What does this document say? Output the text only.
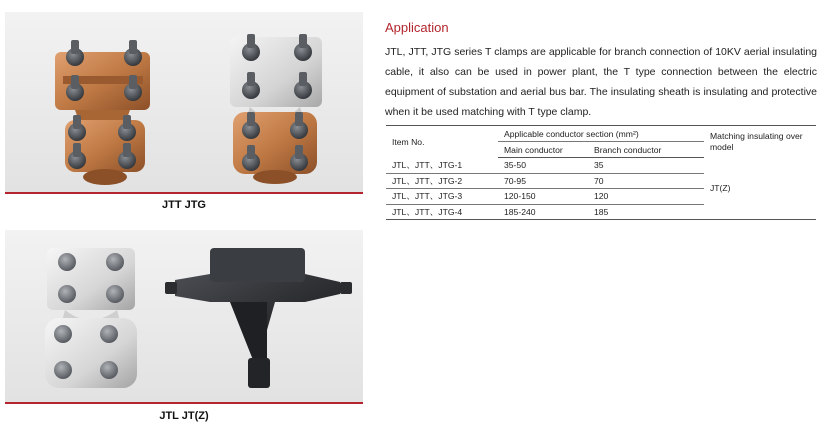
JTT JTG
JTL JT(Z)
Application

JTL, JTT, JTG series T clamps are applicable for branch connection of 10KV aerial insulating cable, it also can be used in power plant, the T type connection between the electric equipment of substation and aerial bus bar. The insulating sheath is insulating and protective when it be used matching with T type clamp.

Item No.	Applicable conductor section (mm²)		Matching insulating over model
	Main conductor	Branch conductor	
JTL、JTT、JTG-1	35-50	35	JT(Z)
JTL、JTT、JTG-2	70-95	70	
JTL、JTT、JTG-3	120-150	120	
JTL、JTT、JTG-4	185-240	185	
